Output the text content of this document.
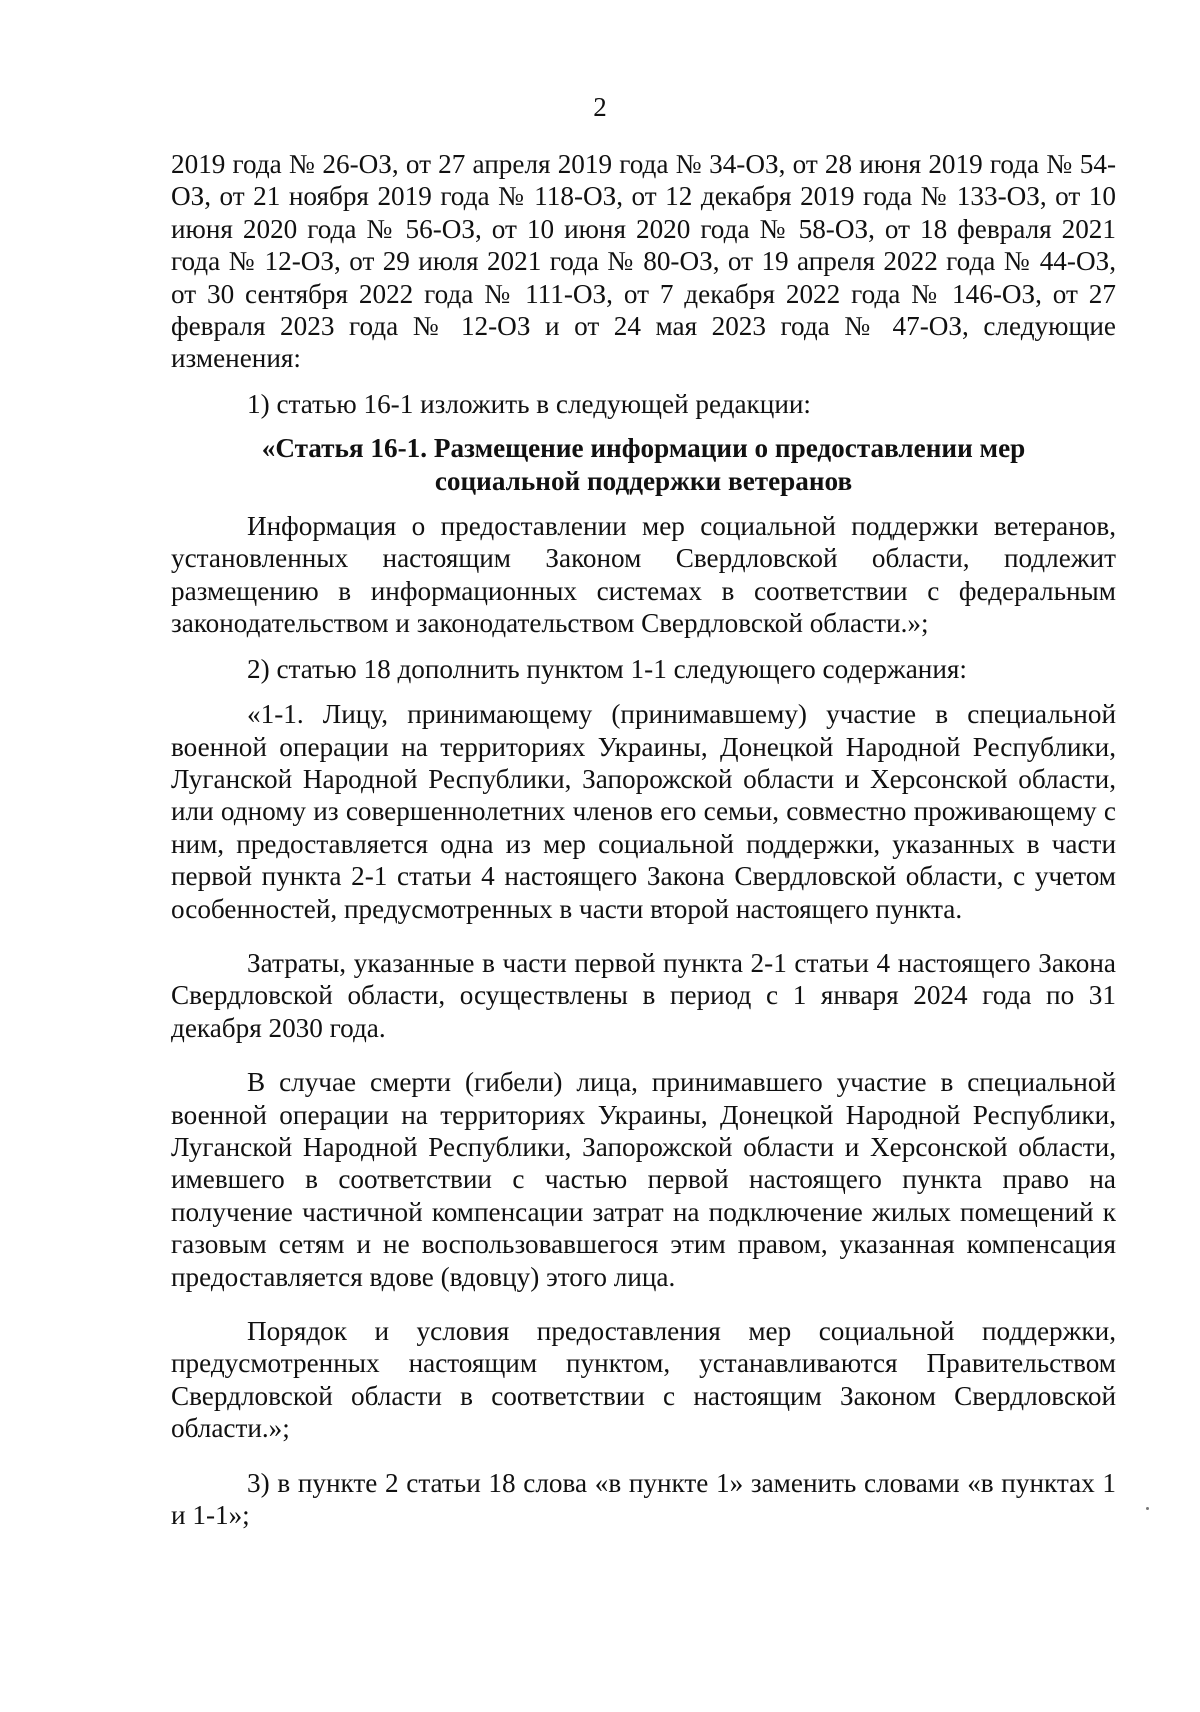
2

2019 года № 26-ОЗ, от 27 апреля 2019 года № 34-ОЗ, от 28 июня 2019 года № 54-ОЗ, от 21 ноября 2019 года № 118-ОЗ, от 12 декабря 2019 года № 133-ОЗ, от 10 июня 2020 года № 56-ОЗ, от 10 июня 2020 года № 58-ОЗ, от 18 февраля 2021 года № 12-ОЗ, от 29 июля 2021 года № 80-ОЗ, от 19 апреля 2022 года № 44-ОЗ, от 30 сентября 2022 года № 111-ОЗ, от 7 декабря 2022 года № 146-ОЗ, от 27 февраля 2023 года № 12-ОЗ и от 24 мая 2023 года № 47-ОЗ, следующие изменения:

1) статью 16-1 изложить в следующей редакции:

«Статья 16-1. Размещение информации о предоставлении мер
социальной поддержки ветеранов

Информация о предоставлении мер социальной поддержки ветеранов, установленных настоящим Законом Свердловской области, подлежит размещению в информационных системах в соответствии с федеральным законодательством и законодательством Свердловской области.»;

2) статью 18 дополнить пунктом 1-1 следующего содержания:

«1-1. Лицу, принимающему (принимавшему) участие в специальной военной операции на территориях Украины, Донецкой Народной Республики, Луганской Народной Республики, Запорожской области и Херсонской области, или одному из совершеннолетних членов его семьи, совместно проживающему с ним, предоставляется одна из мер социальной поддержки, указанных в части первой пункта 2-1 статьи 4 настоящего Закона Свердловской области, с учетом особенностей, предусмотренных в части второй настоящего пункта.

Затраты, указанные в части первой пункта 2-1 статьи 4 настоящего Закона Свердловской области, осуществлены в период с 1 января 2024 года по 31 декабря 2030 года.

В случае смерти (гибели) лица, принимавшего участие в специальной военной операции на территориях Украины, Донецкой Народной Республики, Луганской Народной Республики, Запорожской области и Херсонской области, имевшего в соответствии с частью первой настоящего пункта право на получение частичной компенсации затрат на подключение жилых помещений к газовым сетям и не воспользовавшегося этим правом, указанная компенсация предоставляется вдове (вдовцу) этого лица.

Порядок и условия предоставления мер социальной поддержки, предусмотренных настоящим пунктом, устанавливаются Правительством Свердловской области в соответствии с настоящим Законом Свердловской области.»;

3) в пункте 2 статьи 18 слова «в пункте 1» заменить словами «в пунктах 1 и 1-1»;
